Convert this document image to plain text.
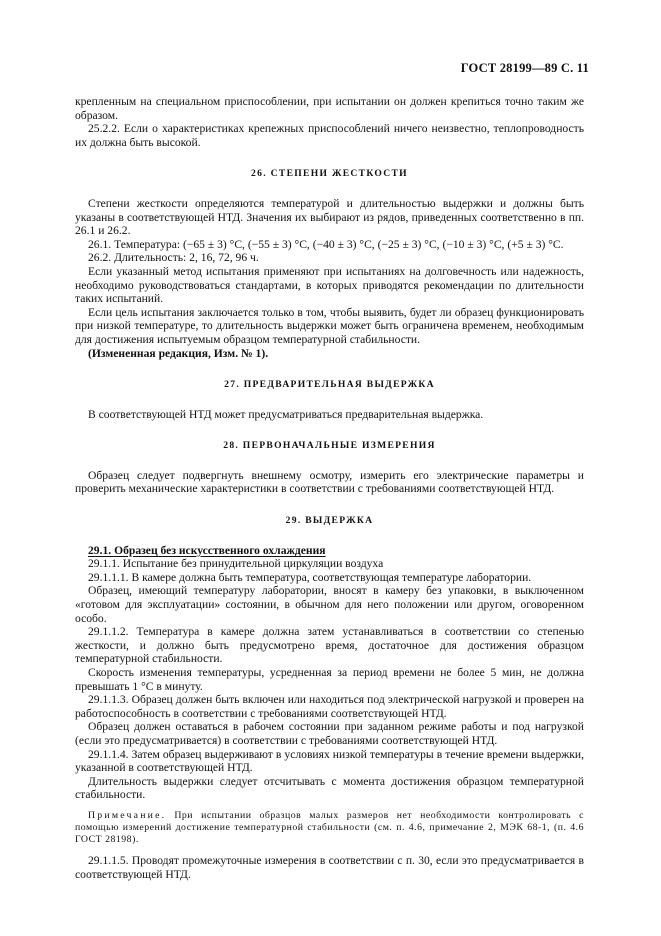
ГОСТ 28199—89 С. 11

крепленным на специальном приспособлении, при испытании он должен крепиться точно таким же образом.

25.2.2. Если о характеристиках крепежных приспособлений ничего неизвестно, теплопроводность их должна быть высокой.

26. СТЕПЕНИ ЖЕСТКОСТИ

Степени жесткости определяются температурой и длительностью выдержки и должны быть указаны в соответствующей НТД. Значения их выбирают из рядов, приведенных соответственно в пп. 26.1 и 26.2.

26.1. Температура: (−65 ± 3) °С, (−55 ± 3) °С, (−40 ± 3) °С, (−25 ± 3) °С, (−10 ± 3) °С, (+5 ± 3) °С.

26.2. Длительность: 2, 16, 72, 96 ч.

Если указанный метод испытания применяют при испытаниях на долговечность или надежность, необходимо руководствоваться стандартами, в которых приводятся рекомендации по длительности таких испытаний.

Если цель испытания заключается только в том, чтобы выявить, будет ли образец функционировать при низкой температуре, то длительность выдержки может быть ограничена временем, необходимым для достижения испытуемым образцом температурной стабильности.

(Измененная редакция, Изм. № 1).

27. ПРЕДВАРИТЕЛЬНАЯ ВЫДЕРЖКА

В соответствующей НТД может предусматриваться предварительная выдержка.

28. ПЕРВОНАЧАЛЬНЫЕ ИЗМЕРЕНИЯ

Образец следует подвергнуть внешнему осмотру, измерить его электрические параметры и проверить механические характеристики в соответствии с требованиями соответствующей НТД.

29. ВЫДЕРЖКА

29.1. Образец без искусственного охлаждения

29.1.1. Испытание без принудительной циркуляции воздуха

29.1.1.1. В камере должна быть температура, соответствующая температуре лаборатории.

Образец, имеющий температуру лаборатории, вносят в камеру без упаковки, в выключенном «готовом для эксплуатации» состоянии, в обычном для него положении или другом, оговоренном особо.

29.1.1.2. Температура в камере должна затем устанавливаться в соответствии со степенью жесткости, и должно быть предусмотрено время, достаточное для достижения образцом температурной стабильности.

Скорость изменения температуры, усредненная за период времени не более 5 мин, не должна превышать 1 °С в минуту.

29.1.1.3. Образец должен быть включен или находиться под электрической нагрузкой и проверен на работоспособность в соответствии с требованиями соответствующей НТД.

Образец должен оставаться в рабочем состоянии при заданном режиме работы и под нагрузкой (если это предусматривается) в соответствии с требованиями соответствующей НТД.

29.1.1.4. Затем образец выдерживают в условиях низкой температуры в течение времени выдержки, указанной в соответствующей НТД.

Длительность выдержки следует отсчитывать с момента достижения образцом температурной стабильности.

Примечание. При испытании образцов малых размеров нет необходимости контролировать с помощью измерений достижение температурной стабильности (см. п. 4.6, примечание 2, МЭК 68-1, (п. 4.6 ГОСТ 28198).

29.1.1.5. Проводят промежуточные измерения в соответствии с п. 30, если это предусматривается в соответствующей НТД.
